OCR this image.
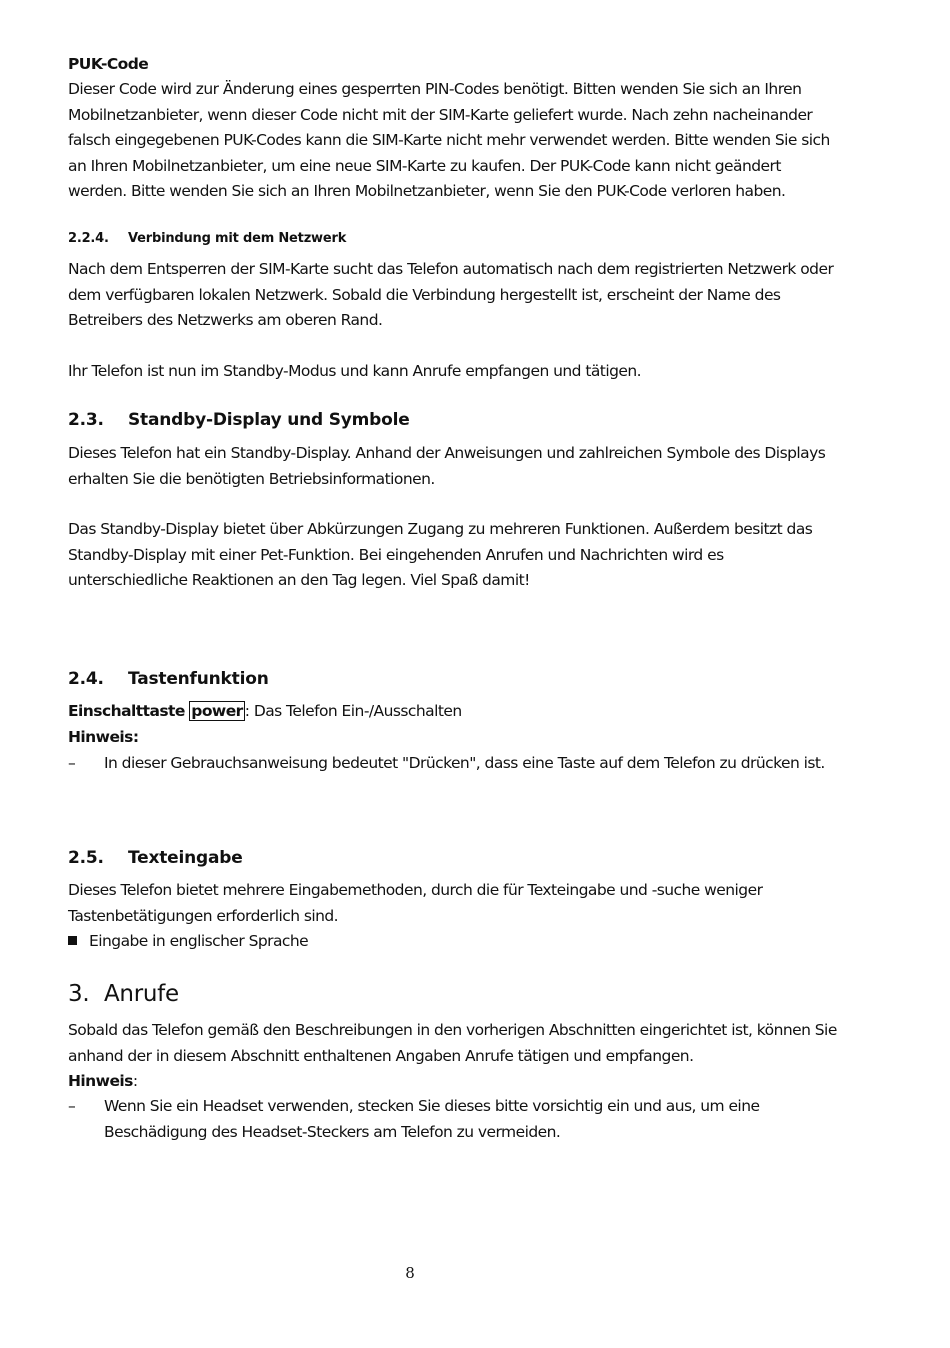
PUK-Code

Dieser Code wird zur Änderung eines gesperrten PIN-Codes benötigt. Bitten wenden Sie sich an Ihren Mobilnetzanbieter, wenn dieser Code nicht mit der SIM-Karte geliefert wurde. Nach zehn nacheinander falsch eingegebenen PUK-Codes kann die SIM-Karte nicht mehr verwendet werden. Bitte wenden Sie sich an Ihren Mobilnetzanbieter, um eine neue SIM-Karte zu kaufen. Der PUK-Code kann nicht geändert werden. Bitte wenden Sie sich an Ihren Mobilnetzanbieter, wenn Sie den PUK-Code verloren haben.

2.2.4. Verbindung mit dem Netzwerk

Nach dem Entsperren der SIM-Karte sucht das Telefon automatisch nach dem registrierten Netzwerk oder dem verfügbaren lokalen Netzwerk. Sobald die Verbindung hergestellt ist, erscheint der Name des Betreibers des Netzwerks am oberen Rand.

Ihr Telefon ist nun im Standby-Modus und kann Anrufe empfangen und tätigen.

2.3. Standby-Display und Symbole

Dieses Telefon hat ein Standby-Display. Anhand der Anweisungen und zahlreichen Symbole des Displays erhalten Sie die benötigten Betriebsinformationen.

Das Standby-Display bietet über Abkürzungen Zugang zu mehreren Funktionen. Außerdem besitzt das Standby-Display mit einer Pet-Funktion. Bei eingehenden Anrufen und Nachrichten wird es unterschiedliche Reaktionen an den Tag legen. Viel Spaß damit!

2.4. Tastenfunktion
Einschalttaste power : Das Telefon Ein-/Ausschalten
Hinweis:
– In dieser Gebrauchsanweisung bedeutet "Drücken", dass eine Taste auf dem Telefon zu drücken ist.
2.5. Texteingabe

Dieses Telefon bietet mehrere Eingabemethoden, durch die für Texteingabe und -suche weniger Tastenbetätigungen erforderlich sind.

Eingabe in englischer Sprache
3. Anrufe

Sobald das Telefon gemäß den Beschreibungen in den vorherigen Abschnitten eingerichtet ist, können Sie anhand der in diesem Abschnitt enthaltenen Angaben Anrufe tätigen und empfangen.

Hinweis:
– Wenn Sie ein Headset verwenden, stecken Sie dieses bitte vorsichtig ein und aus, um eine Beschädigung des Headset-Steckers am Telefon zu vermeiden.
8
